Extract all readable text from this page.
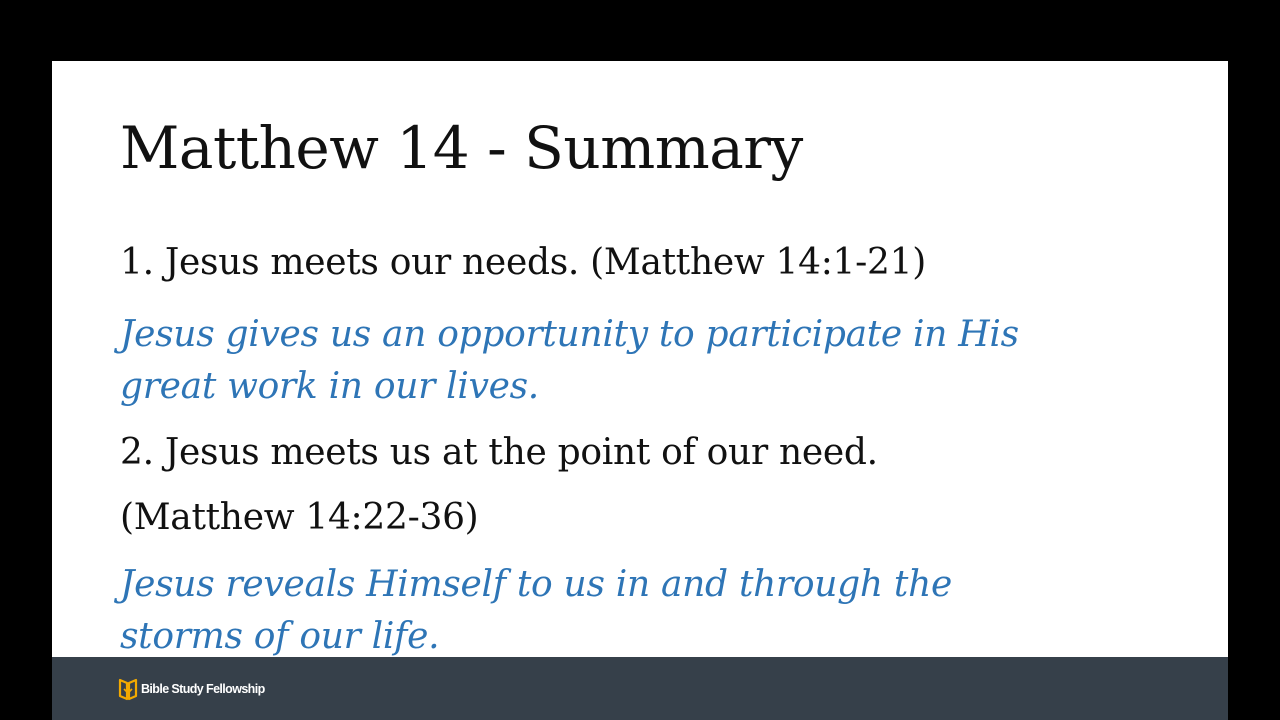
Matthew 14 - Summary

1. Jesus meets our needs. (Matthew 14:1-21)

Jesus gives us an opportunity to participate in His

great work in our lives.

2. Jesus meets us at the point of our need.

(Matthew 14:22-36)

Jesus reveals Himself to us in and through the

storms of our life.

Bible Study Fellowship
